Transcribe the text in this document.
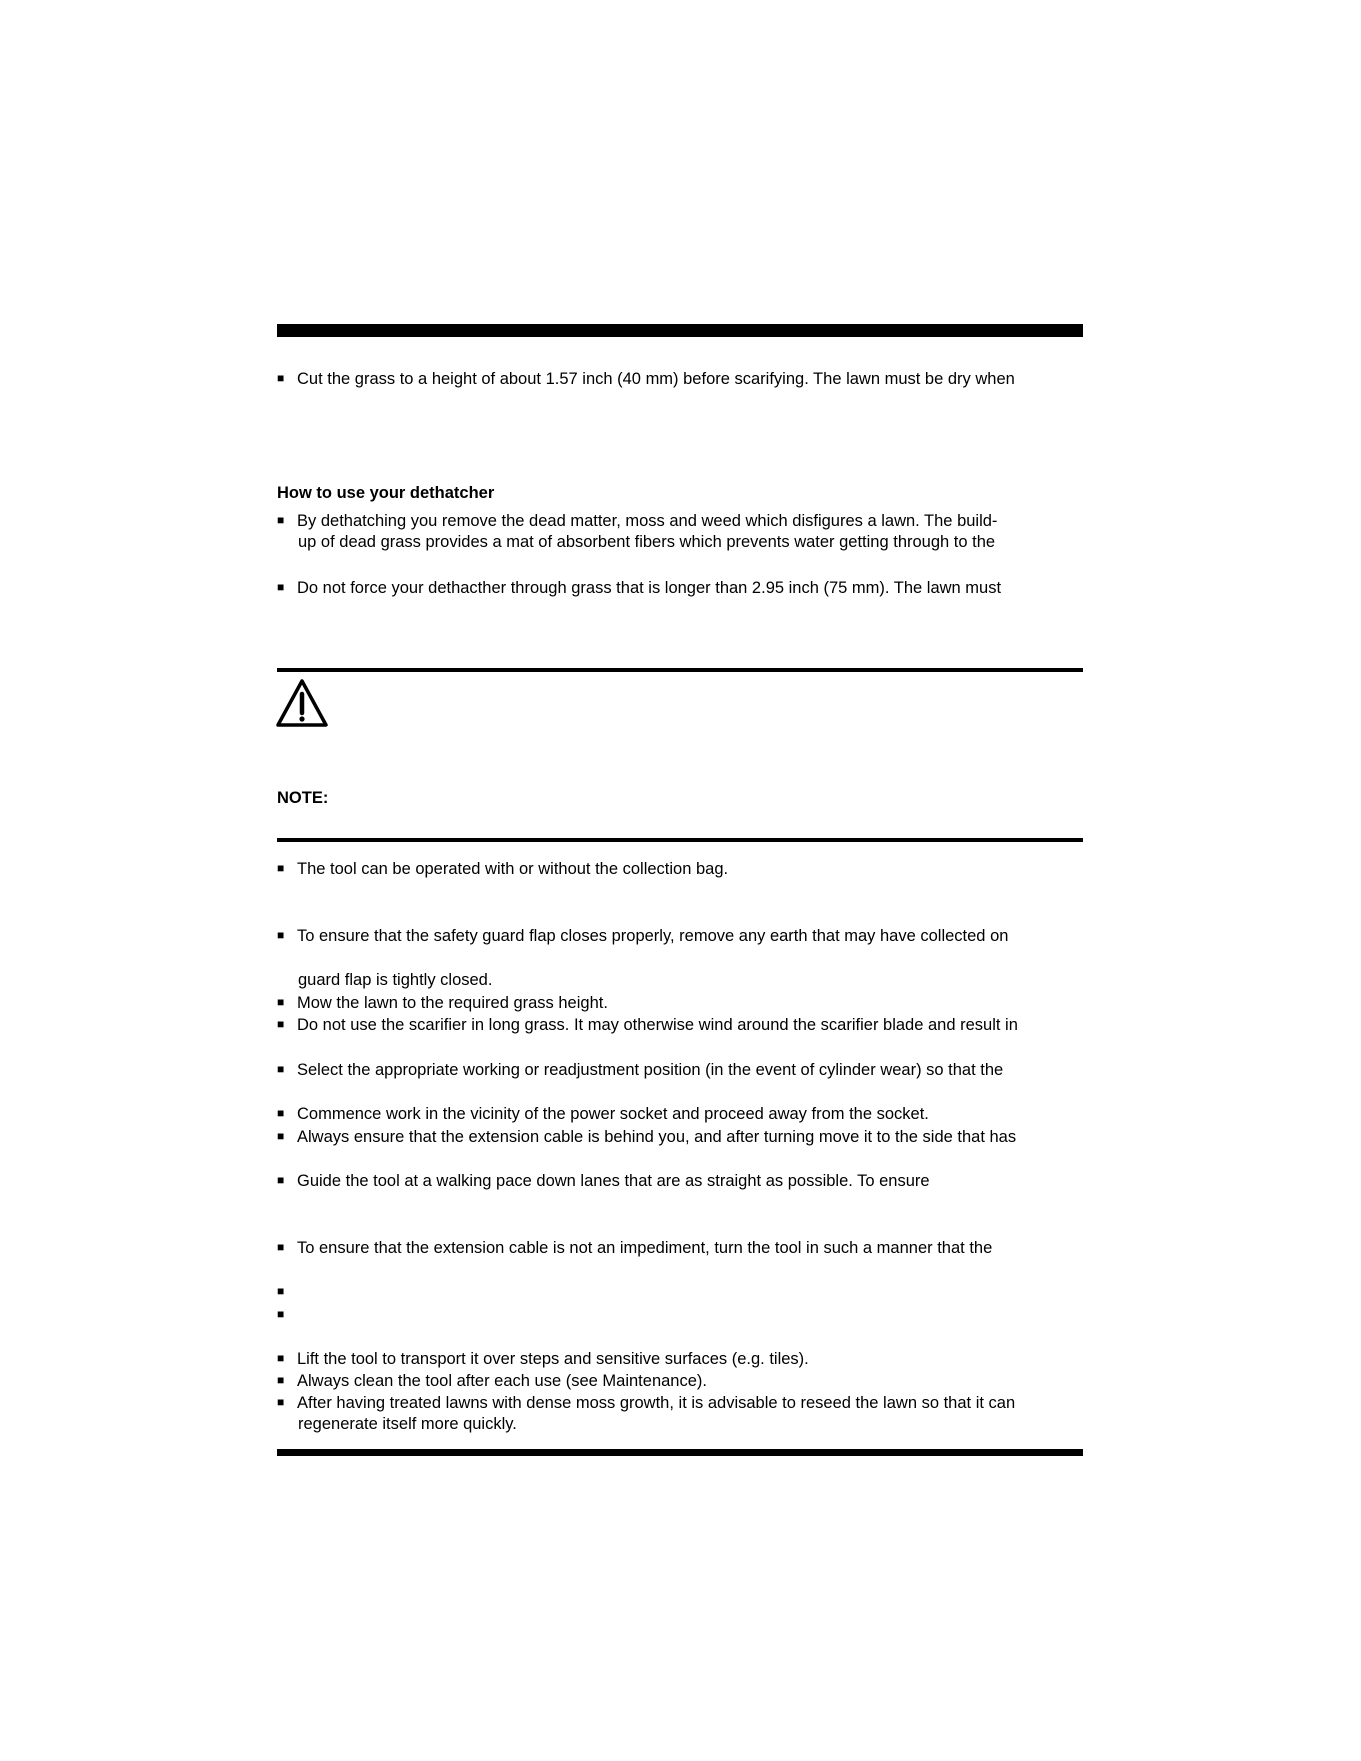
■ Cut the grass to a height of about 1.57 inch (40 mm) before scarifying. The lawn must be dry when
How to use your dethatcher
■ By dethatching you remove the dead matter, moss and weed which disfigures a lawn. The build-
up of dead grass provides a mat of absorbent fibers which prevents water getting through to the
■ Do not force your dethacther through grass that is longer than 2.95 inch (75 mm). The lawn must
NOTE:
■ The tool can be operated with or without the collection bag.
■ To ensure that the safety guard flap closes properly, remove any earth that may have collected on
guard flap is tightly closed.
■ Mow the lawn to the required grass height.
■ Do not use the scarifier in long grass. It may otherwise wind around the scarifier blade and result in
■ Select the appropriate working or readjustment position (in the event of cylinder wear) so that the
■ Commence work in the vicinity of the power socket and proceed away from the socket.
■ Always ensure that the extension cable is behind you, and after turning move it to the side that has
■ Guide the tool at a walking pace down lanes that are as straight as possible. To ensure
■ To ensure that the extension cable is not an impediment, turn the tool in such a manner that the
■
■
■ Lift the tool to transport it over steps and sensitive surfaces (e.g. tiles).
■ Always clean the tool after each use (see Maintenance).
■ After having treated lawns with dense moss growth, it is advisable to reseed the lawn so that it can
regenerate itself more quickly.
